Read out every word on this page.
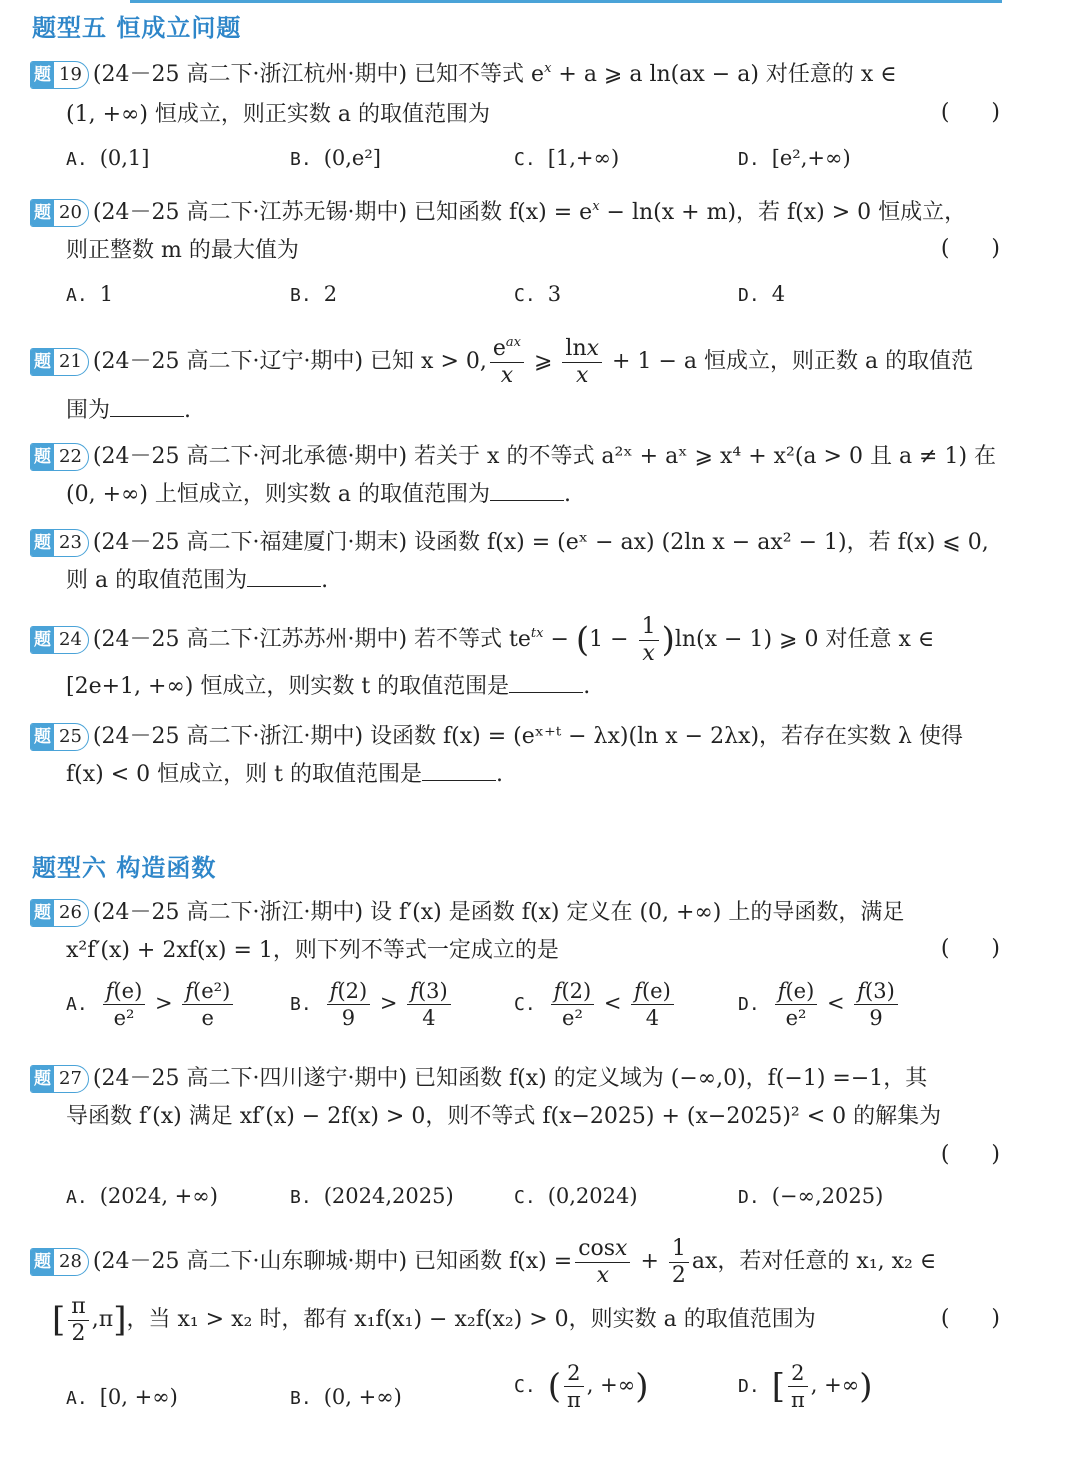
题型五 恒成立问题
题 19 (24－25 高二下·浙江杭州·期中) 已知不等式 $e^x + a$ ⩾ a ln(ax − a) 对任意的 x ∈
(1, +∞) 恒成立，则正实数 a 的取值范围为	(      )
A. (0,1]	B. (0,e²]	C. [1,+∞)	D. [e²,+∞)
题 20 (24－25 高二下·江苏无锡·期中) 已知函数 $f(x) = e^x - \ln(x + m)$，若 f(x) > 0 恒成立，
则正整数 m 的最大值为	(      )
A. 1	B. 2	C. 3	D. 4
题 21 (24－25 高二下·辽宁·期中) 已知 x > 0, $\frac{e^{ax}}{x}$ ⩾ $\frac{\ln x}{x} + 1 - a$ 恒成立，则正数 a 的取值范
围为	.
题 22 (24－25 高二下·河北承德·期中) 若关于 x 的不等式 a²ˣ + aˣ ⩾ x⁴ + x²(a > 0 且 a ≠ 1) 在
(0, +∞) 上恒成立，则实数 a 的取值范围为	.
题 23 (24－25 高二下·福建厦门·期末) 设函数 f(x) = (eˣ − ax) (2ln x − ax² − 1)，若 f(x) ⩽ 0,
则 a 的取值范围为	.
题 24 (24－25 高二下·江苏苏州·期中) 若不等式 $te^{tx} - (1 - \frac{1}{x} )\ln(x - 1)$ ⩾ 0 对任意 x ∈
[2e+1, +∞) 恒成立，则实数 t 的取值范围是	.
题 25 (24－25 高二下·浙江·期中) 设函数 f(x) = (eˣ⁺ᵗ − λx)(ln x − 2λx)，若存在实数 λ 使得
f(x) < 0 恒成立，则 t 的取值范围是	.
题型六 构造函数
题 26 (24－25 高二下·浙江·期中) 设 f′(x) 是函数 f(x) 定义在 (0, +∞) 上的导函数，满足
x²f′(x) + 2xf(x) = 1，则下列不等式一定成立的是	(      )
A. $\frac{f(e)}{\text{e²}} > \frac{\text{f(e²)}}{e}$	B. $\frac{f(2)}{9} > \frac{f(3)}{4}$	C. $\frac{f(2)}{\text{e²}} < \frac{f(e)}{4}$	D. $\frac{f(e)}{\text{e²}} < \frac{f(3)}{9}$
题 27 (24－25 高二下·四川遂宁·期中) 已知函数 f(x) 的定义域为 (−∞,0)，f(−1) =−1，其
导函数 f′(x) 满足 xf′(x) − 2f(x) > 0，则不等式 f(x−2025) + (x−2025)² < 0 的解集为
(      )
A. (2024, +∞)	B. (2024,2025)	C. (0,2024)	D. (−∞,2025)
题 28 (24－25 高二下·山东聊城·期中) 已知函数 $f(x) = \frac{\cos x}{x} + \frac{1}{2}$ ax，若对任意的 x₁, x₂ ∈
[ $\frac{\pi}{2} ,\pi$]，当 x₁ > x₂ 时，都有 x₁f(x₁) − x₂f(x₂) > 0，则实数 a 的取值范围为	(      )
A. [0, +∞)	B. (0, +∞)	C. ( $\frac{2}{\pi}$ , +∞)	D. [ $\frac{2}{\pi}$ , +∞)
